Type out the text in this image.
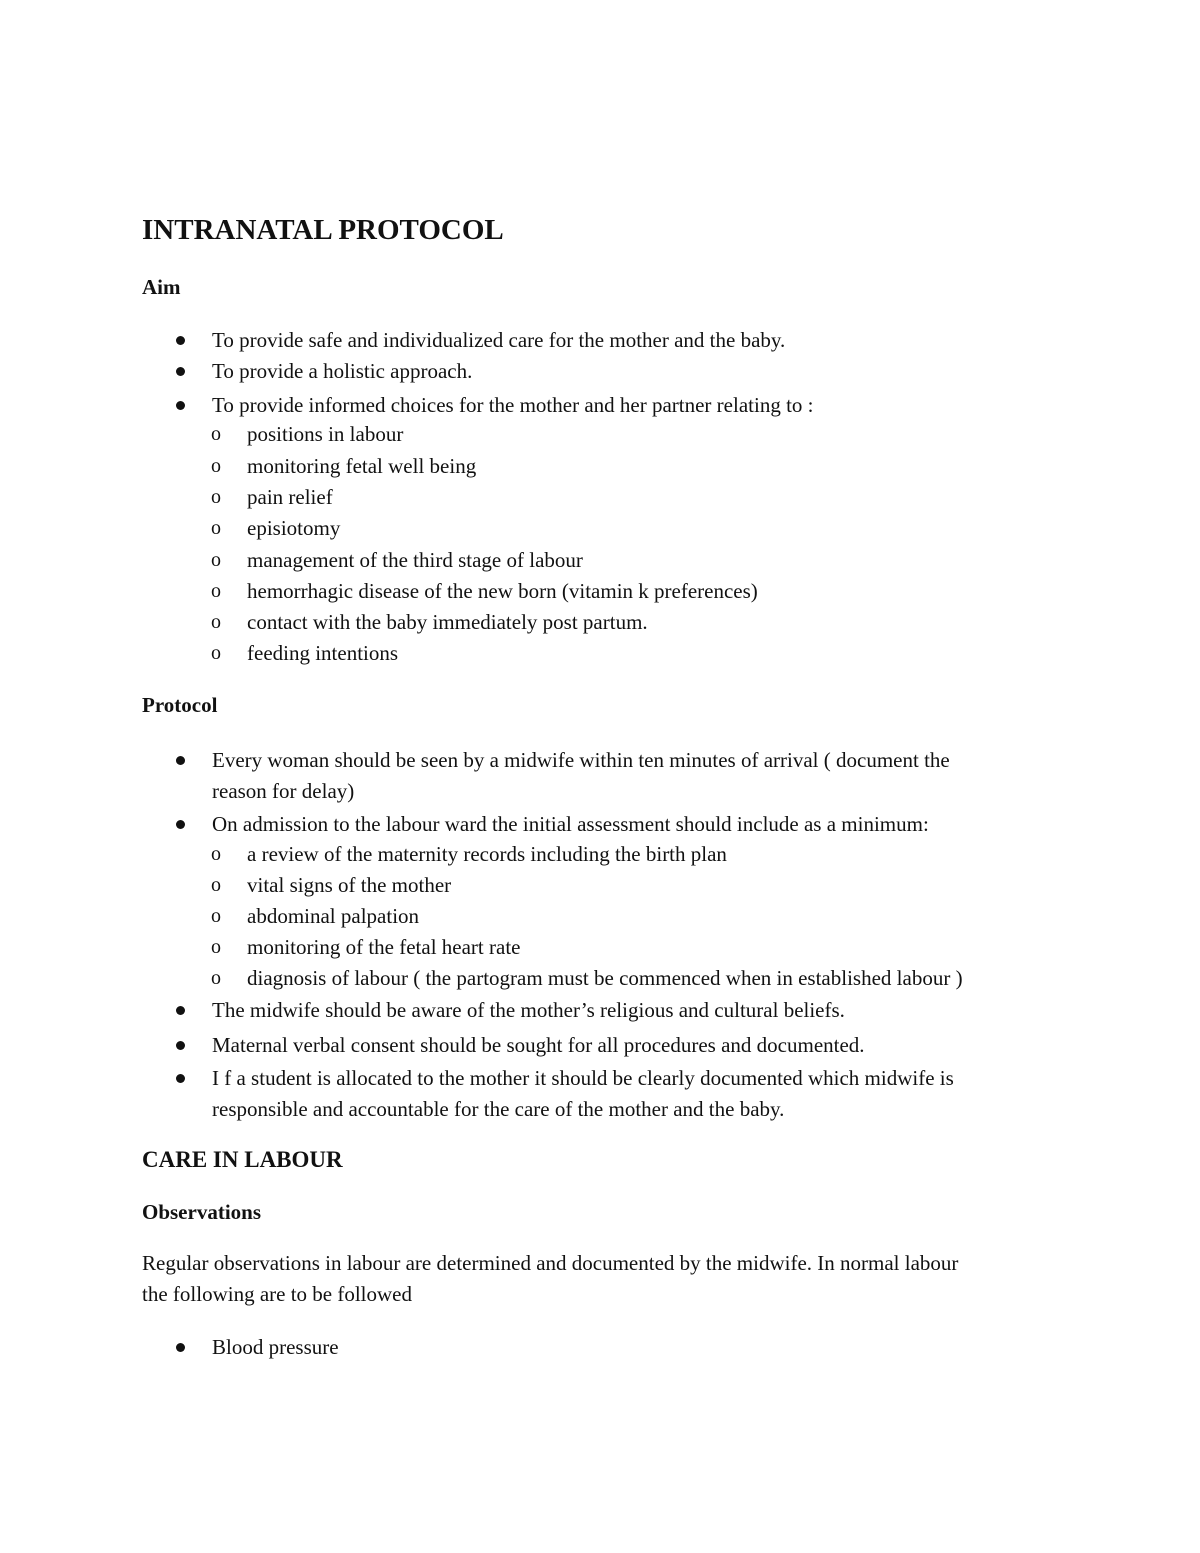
INTRANATAL PROTOCOL
Aim
To provide safe and individualized care for the mother and the baby.
To provide a holistic approach.
To provide informed choices for the mother and her partner relating to :
o positions in labour
o monitoring fetal well being
o pain relief
o episiotomy
o management of the third stage of labour
o hemorrhagic disease of the new born (vitamin k preferences)
o contact with the baby immediately post partum.
o feeding intentions
Protocol
Every woman should be seen by a midwife within ten minutes of arrival ( document the
reason for delay)
On admission to the labour ward the initial assessment should include as a minimum:
o a review of the maternity records including the birth plan
o vital signs of the mother
o abdominal palpation
o monitoring of the fetal heart rate
o diagnosis of labour ( the partogram must be commenced when in established labour )
The midwife should be aware of the mother’s religious and cultural beliefs.
Maternal verbal consent should be sought for all procedures and documented.
I f a student is allocated to the mother it should be clearly documented which midwife is
responsible and accountable for the care of the mother and the baby.
CARE IN LABOUR
Observations
Regular observations in labour are determined and documented by the midwife. In normal labour
the following are to be followed
Blood pressure
